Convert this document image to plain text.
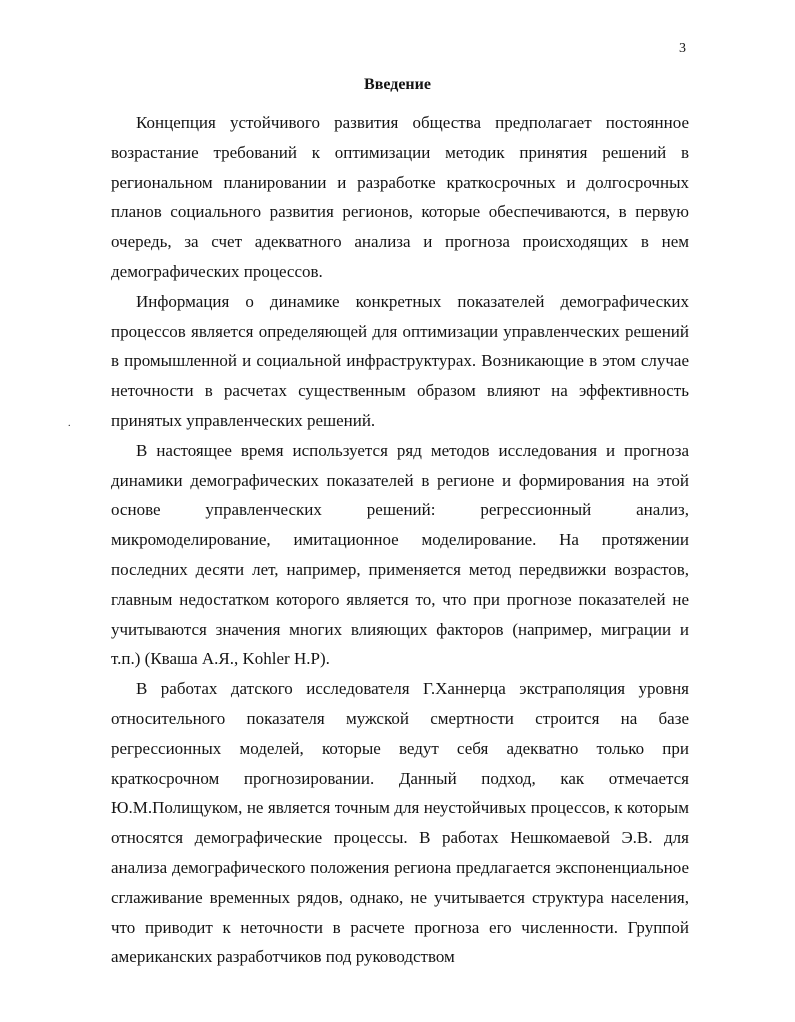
3
Введение
.

Концепция устойчивого развития общества предполагает постоянное возрастание требований к оптимизации методик принятия решений в региональном планировании и разработке краткосрочных и долгосрочных планов социального развития регионов, которые обеспечиваются, в первую очередь, за счет адекватного анализа и прогноза происходящих в нем демографических процессов.

Информация о динамике конкретных показателей демографических процессов является определяющей для оптимизации управленческих решений в промышленной и социальной инфраструктурах. Возникающие в этом случае неточности в расчетах существенным образом влияют на эффективность принятых управленческих решений.

В настоящее время используется ряд методов исследования и прогноза динамики демографических показателей в регионе и формирования на этой основе управленческих решений: регрессионный анализ, микромоделирование, имитационное моделирование. На протяжении последних десяти лет, например, применяется метод передвижки возрастов, главным недостатком которого является то, что при прогнозе показателей не учитываются значения многих влияющих факторов (например, миграции и т.п.) (Кваша А.Я., Kohler H.P).

В работах датского исследователя Г.Ханнерца экстраполяция уровня относительного показателя мужской смертности строится на базе регрессионных моделей, которые ведут себя адекватно только при краткосрочном прогнозировании. Данный подход, как отмечается Ю.М.Полищуком, не является точным для неустойчивых процессов, к которым относятся демографические процессы. В работах Нешкомаевой Э.В. для анализа демографического положения региона предлагается экспоненциальное сглаживание временных рядов, однако, не учитывается структура населения, что приводит к неточности в расчете прогноза его численности. Группой американских разработчиков под руководством
